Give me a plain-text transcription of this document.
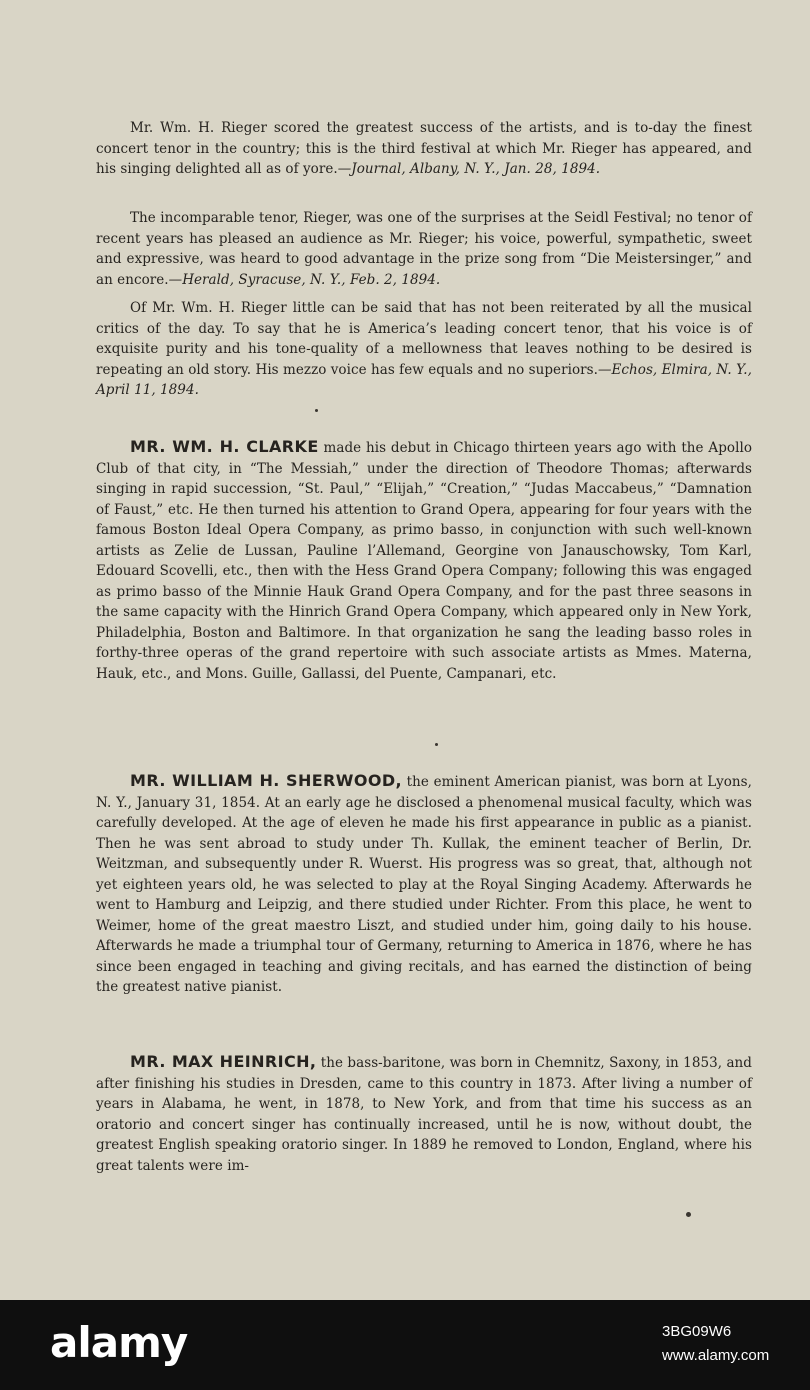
Mr. Wm. H. Rieger scored the greatest success of the artists, and is to-day the finest concert tenor in the country; this is the third festival at which Mr. Rieger has appeared, and his singing delighted all as of yore.—Journal, Albany, N. Y., Jan. 28, 1894.

The incomparable tenor, Rieger, was one of the surprises at the Seidl Festival; no tenor of recent years has pleased an audience as Mr. Rieger; his voice, powerful, sympathetic, sweet and expressive, was heard to good advantage in the prize song from “Die Meistersinger,” and an encore.—Herald, Syracuse, N. Y., Feb. 2, 1894.

Of Mr. Wm. H. Rieger little can be said that has not been reiterated by all the musical critics of the day. To say that he is America’s leading concert tenor, that his voice is of exquisite purity and his tone-quality of a mellowness that leaves nothing to be desired is repeating an old story. His mezzo voice has few equals and no superiors.—Echos, Elmira, N. Y., April 11, 1894.

MR. WM. H. CLARKE made his debut in Chicago thirteen years ago with the Apollo Club of that city, in “The Messiah,” under the direction of Theodore Thomas; afterwards singing in rapid succession, “St. Paul,” “Elijah,” “Creation,” “Judas Maccabeus,” “Damnation of Faust,” etc. He then turned his attention to Grand Opera, appearing for four years with the famous Boston Ideal Opera Company, as primo basso, in conjunction with such well-known artists as Zelie de Lussan, Pauline l’Allemand, Georgine von Janauschowsky, Tom Karl, Edouard Scovelli, etc., then with the Hess Grand Opera Company; following this was engaged as primo basso of the Minnie Hauk Grand Opera Company, and for the past three seasons in the same capacity with the Hinrich Grand Opera Company, which appeared only in New York, Philadelphia, Boston and Baltimore. In that organization he sang the leading basso roles in forthy-three operas of the grand repertoire with such associate artists as Mmes. Materna, Hauk, etc., and Mons. Guille, Gallassi, del Puente, Campanari, etc.

MR. WILLIAM H. SHERWOOD, the eminent American pianist, was born at Lyons, N. Y., January 31, 1854. At an early age he disclosed a phenomenal musical faculty, which was carefully developed. At the age of eleven he made his first appearance in public as a pianist. Then he was sent abroad to study under Th. Kullak, the eminent teacher of Berlin, Dr. Weitzman, and subsequently under R. Wuerst. His progress was so great, that, although not yet eighteen years old, he was selected to play at the Royal Singing Academy. Afterwards he went to Hamburg and Leipzig, and there studied under Richter. From this place, he went to Weimer, home of the great maestro Liszt, and studied under him, going daily to his house. Afterwards he made a triumphal tour of Germany, returning to America in 1876, where he has since been engaged in teaching and giving recitals, and has earned the distinction of being the greatest native pianist.

MR. MAX HEINRICH, the bass-baritone, was born in Chemnitz, Saxony, in 1853, and after finishing his studies in Dresden, came to this country in 1873. After living a number of years in Alabama, he went, in 1878, to New York, and from that time his success as an oratorio and concert singer has continually increased, until he is now, without doubt, the greatest English speaking oratorio singer. In 1889 he removed to London, England, where his great talents were im-

alamy	3BG09W6
www.alamy.com
